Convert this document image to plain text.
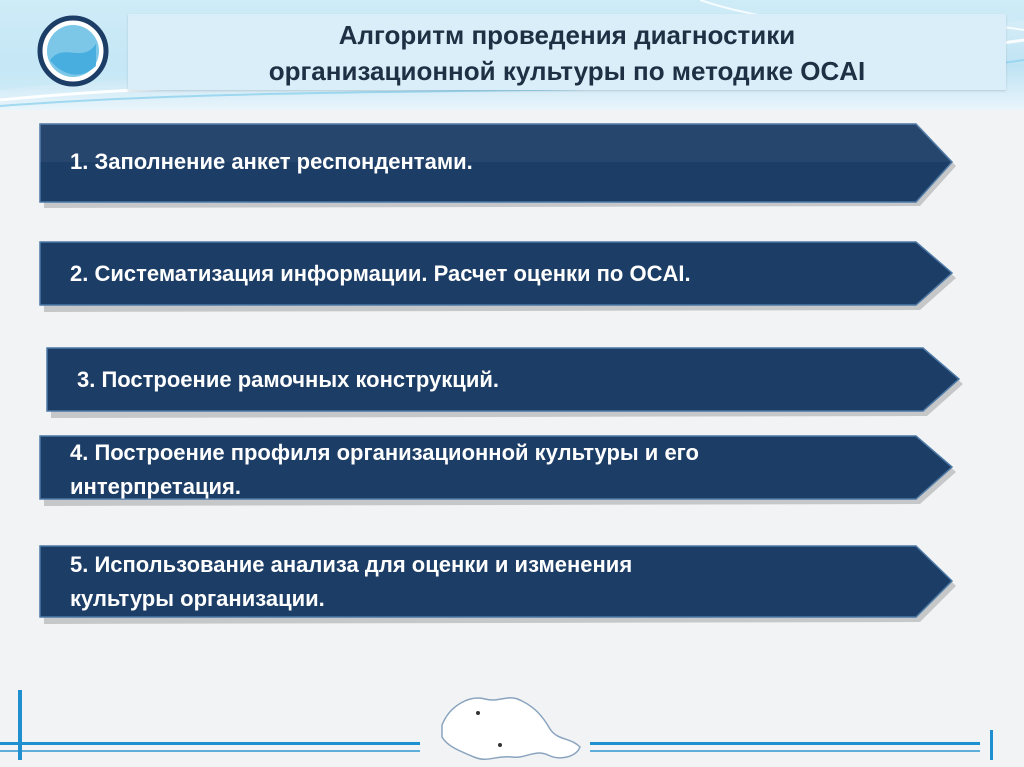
Алгоритм проведения диагностики
организационной культуры по методике OCAI
1. Заполнение анкет респондентами.
2. Систематизация информации. Расчет оценки по OCAI.
3. Построение рамочных конструкций.
4. Построение профиля организационной культуры и его
интерпретация.
5. Использование анализа для оценки и изменения
культуры организации.
